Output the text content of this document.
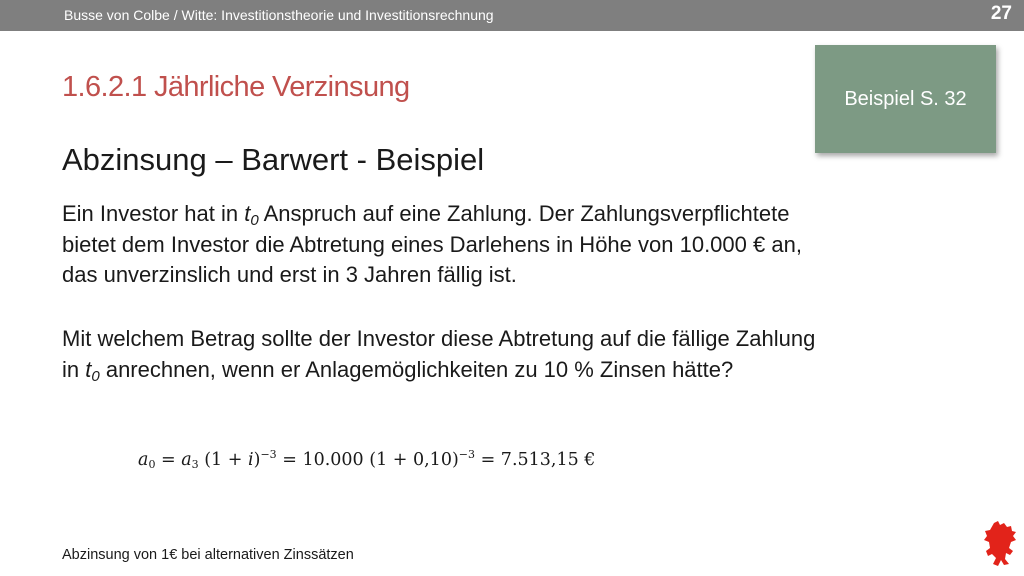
Busse von Colbe / Witte: Investitionstheorie und Investitionsrechnung	27
1.6.2.1 Jährliche Verzinsung	Beispiel S. 32
Abzinsung – Barwert - Beispiel
Ein Investor hat in $t_0$ Anspruch auf eine Zahlung. Der Zahlungsverpflichtete
bietet dem Investor die Abtretung eines Darlehens in Höhe von 10.000 € an,
das unverzinslich und erst in 3 Jahren fällig ist.
Mit welchem Betrag sollte der Investor diese Abtretung auf die fällige Zahlung
in $t_0$ anrechnen, wenn er Anlagemöglichkeiten zu 10 % Zinsen hätte?
$a_0 = a_3$ $(1 + i)^{-3} = 10.000$ $(1 + 0,10)^{-3} = 7.513,15$ €
Abzinsung von 1€ bei alternativen Zinssätzen
